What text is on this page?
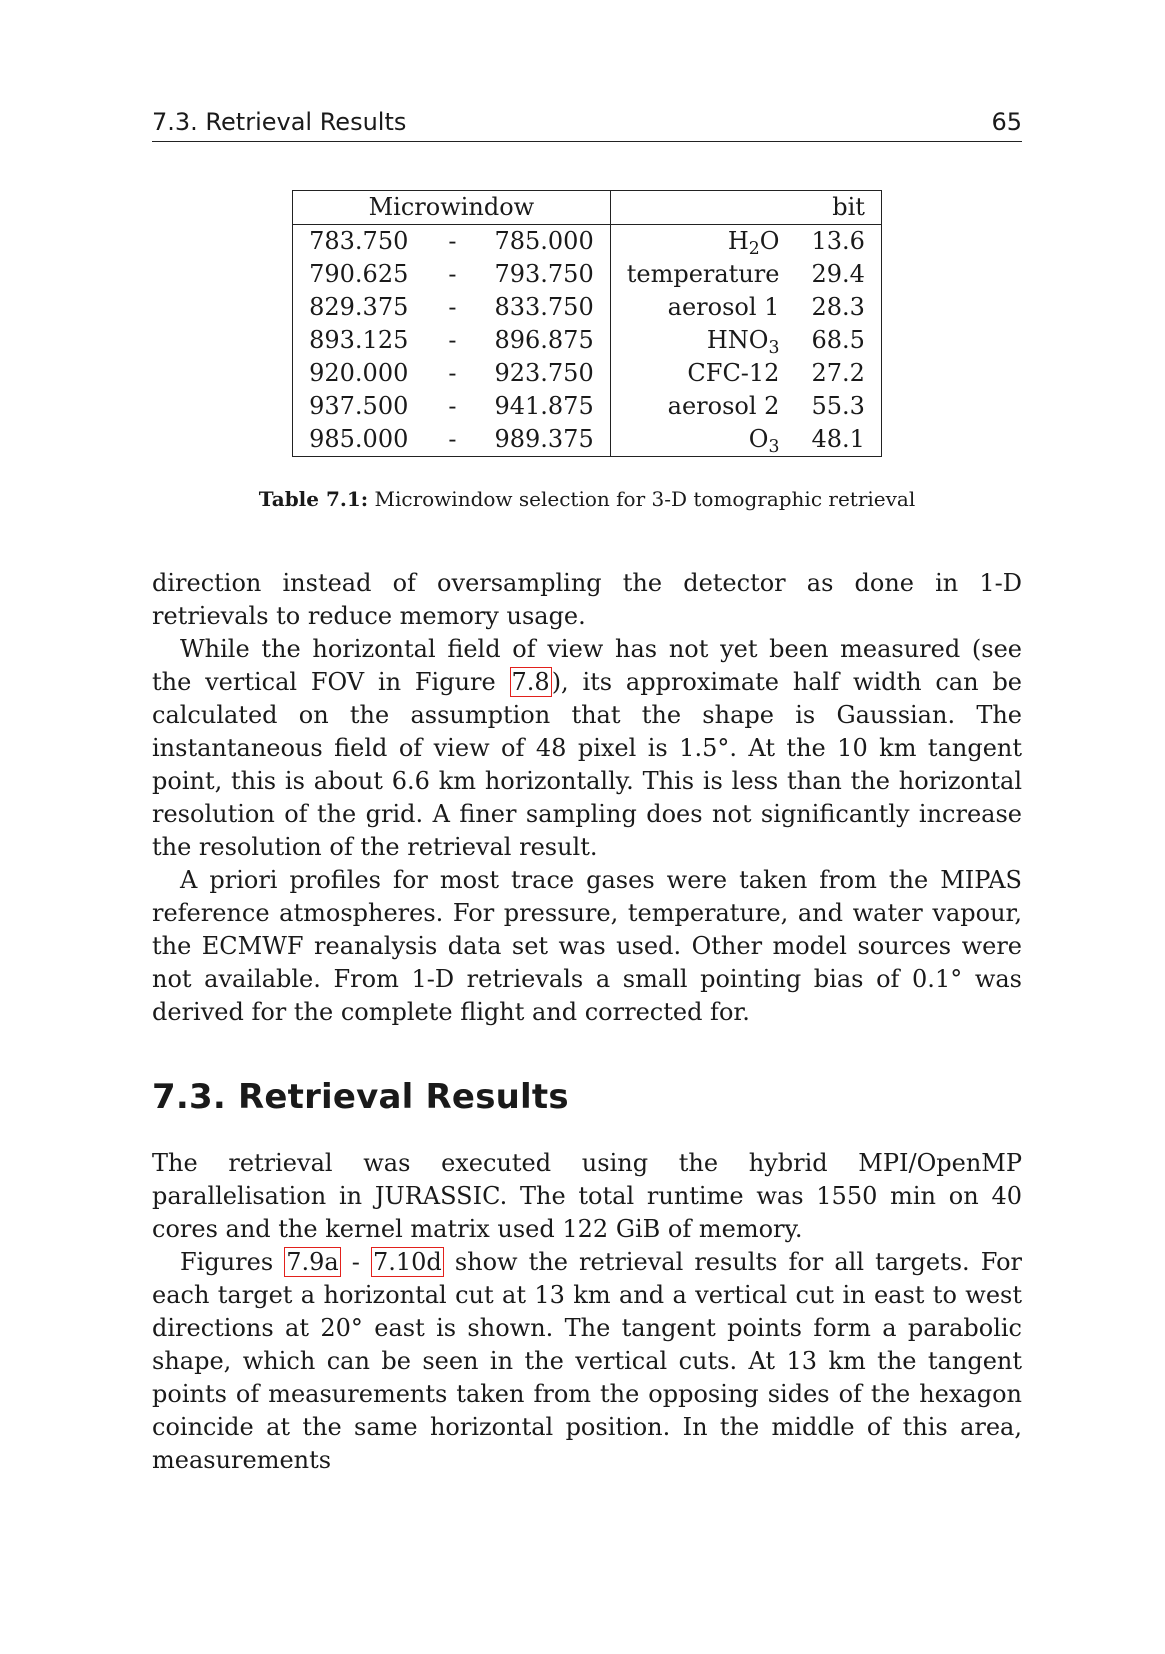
7.3. Retrieval Results	65
Microwindow				bit
783.750	-	785.000	$H_2O$	13.6
790.625	-	793.750	temperature	29.4
829.375	-	833.750	aerosol 1	28.3
893.125	-	896.875	$HNO_3$	68.5
920.000	-	923.750	CFC-12	27.2
937.500	-	941.875	aerosol 2	55.3
985.000	-	989.375	$O_3$	48.1
Table 7.1: Microwindow selection for 3-D tomographic retrieval

direction instead of oversampling the detector as done in 1-D retrievals to reduce memory usage.

While the horizontal field of view has not yet been measured (see the vertical FOV in Figure 7.8), its approximate half width can be calculated on the assumption that the shape is Gaussian. The instantaneous field of view of 48 pixel is 1.5°. At the 10 km tangent point, this is about 6.6 km horizontally. This is less than the horizontal resolution of the grid. A finer sampling does not significantly increase the resolution of the retrieval result.

A priori profiles for most trace gases were taken from the MIPAS reference atmospheres. For pressure, temperature, and water vapour, the ECMWF reanalysis data set was used. Other model sources were not available. From 1-D retrievals a small pointing bias of 0.1° was derived for the complete flight and corrected for.

7.3. Retrieval Results

The retrieval was executed using the hybrid MPI/OpenMP parallelisation in JURASSIC. The total runtime was 1550 min on 40 cores and the kernel matrix used 122 GiB of memory.

Figures 7.9a - 7.10d show the retrieval results for all targets. For each target a horizontal cut at 13 km and a vertical cut in east to west directions at 20° east is shown. The tangent points form a parabolic shape, which can be seen in the vertical cuts. At 13 km the tangent points of measurements taken from the opposing sides of the hexagon coincide at the same horizontal position. In the middle of this area, measurements
